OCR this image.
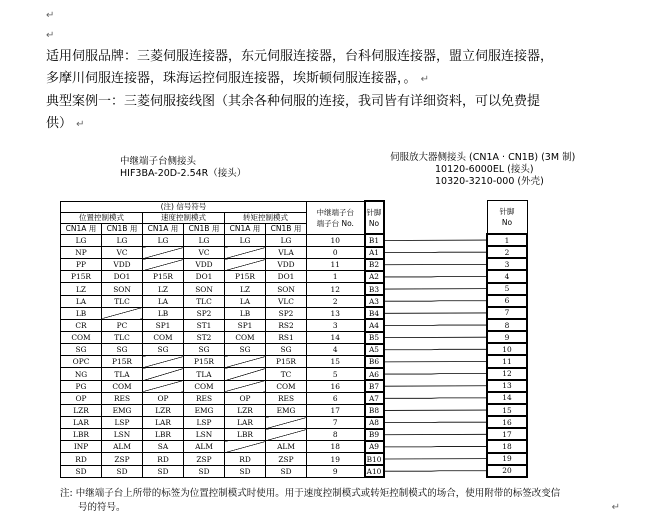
↵
↵
适用伺服品牌：三菱伺服连接器，东元伺服连接器，台科伺服连接器，盟立伺服连接器，
多摩川伺服连接器，珠海运控伺服连接器，埃斯顿伺服连接器，。 ↵
典型案例一：三菱伺服接线图（其余各种伺服的连接，我司皆有详细资料，可以免费提
供） ↵
中继端子台侧接头
HIF3BA-20D-2.54R（接头）
伺服放大器侧接头 (CN1A · CN1B) (3M 制)
10120-6000EL (接头)
10320-3210-000 (外壳)
(注) 信号符号						中继端子台
端子台 No.	针脚
No
位置控制模式		速度控制模式		转矩控制模式			
CN1A 用	CN1B 用	CN1A 用	CN1B 用	CN1A 用	CN1B 用		
LG	LG	LG	LG	LG	LG	10	B1
NP	VC		VC		VLA	0	A1
PP	VDD		VDD		VDD	11	B2
P15R	DO1	P15R	DO1	P15R	DO1	1	A2
LZ	SON	LZ	SON	LZ	SON	12	B3
LA	TLC	LA	TLC	LA	VLC	2	A3
LB		LB	SP2	LB	SP2	13	B4
CR	PC	SP1	ST1	SP1	RS2	3	A4
COM	TLC	COM	ST2	COM	RS1	14	B5
SG	SG	SG	SG	SG	SG	4	A5
OPC	P15R		P15R		P15R	15	B6
NG	TLA		TLA		TC	5	A6
PG	COM		COM		COM	16	B7
OP	RES	OP	RES	OP	RES	6	A7
LZR	EMG	LZR	EMG	LZR	EMG	17	B8
LAR	LSP	LAR	LSP	LAR		7	A8
LBR	LSN	LBR	LSN	LBR		8	B9
INP	ALM	SA	ALM		ALM	18	A9
RD	ZSP	RD	ZSP	RD	ZSP	19	B10
SD	SD	SD	SD	SD	SD	9	A10
针脚
No
1
2
3
4
5
6
7
8
9
10
11
12
13
14
15
16
17
18
19
20
注: 中继端子台上所带的标签为位置控制模式时使用。用于速度控制模式或转矩控制模式的场合，使用附带的标签改变信
号的符号。	↵
